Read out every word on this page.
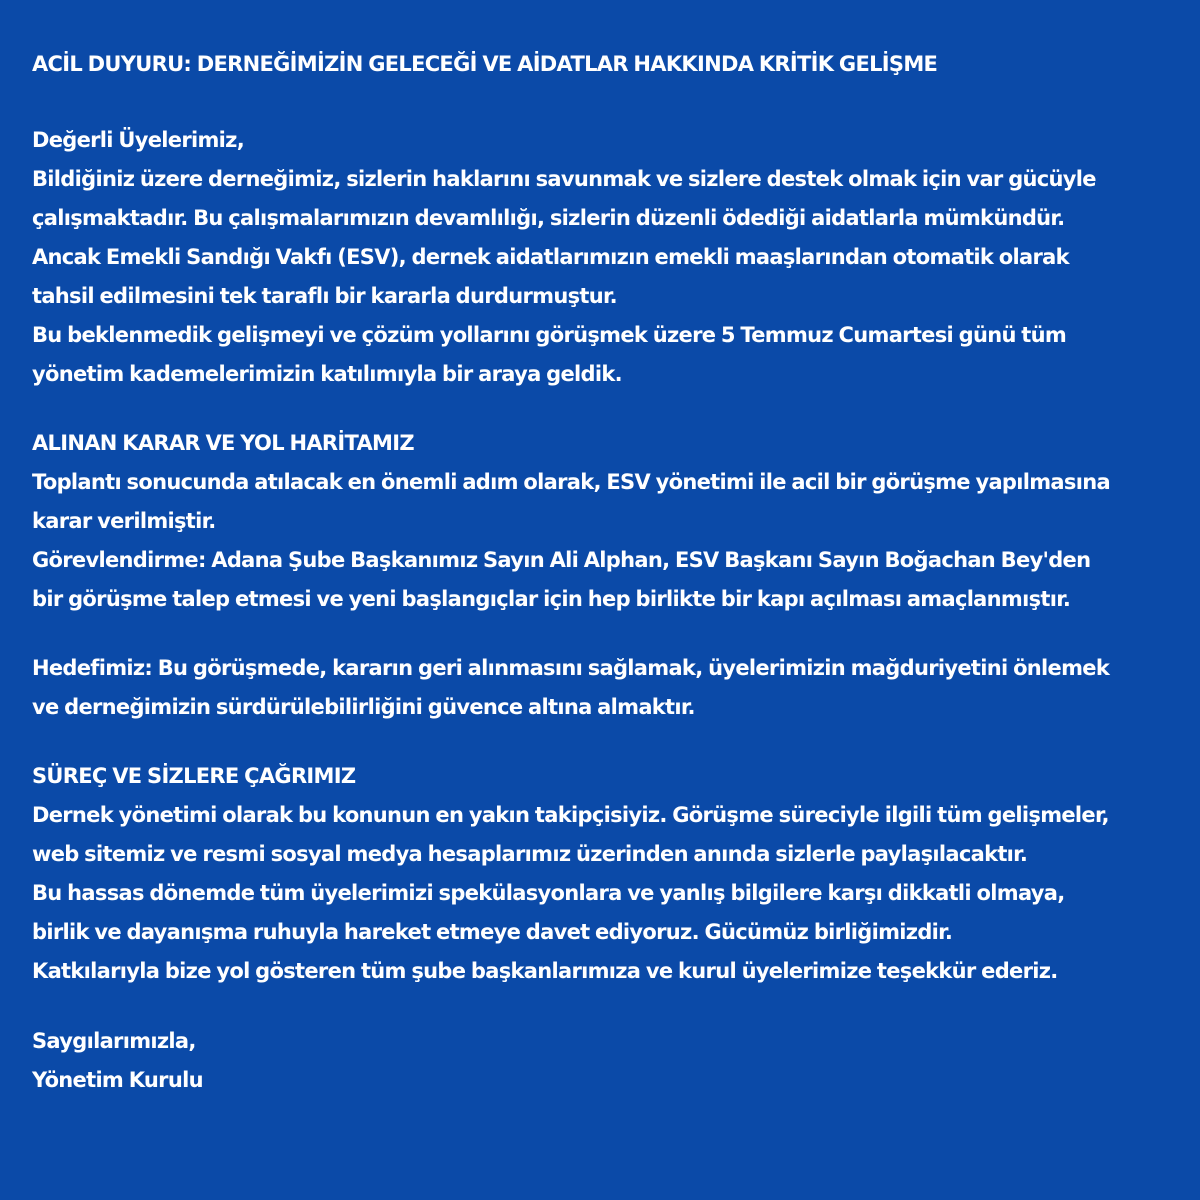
ACİL DUYURU: DERNEĞİMİZİN GELECEĞİ VE AİDATLAR HAKKINDA KRİTİK GELİŞME
Değerli Üyelerimiz,
Bildiğiniz üzere derneğimiz, sizlerin haklarını savunmak ve sizlere destek olmak için var gücüyle
çalışmaktadır. Bu çalışmalarımızın devamlılığı, sizlerin düzenli ödediği aidatlarla mümkündür.
Ancak Emekli Sandığı Vakfı (ESV), dernek aidatlarımızın emekli maaşlarından otomatik olarak
tahsil edilmesini tek taraflı bir kararla durdurmuştur.
Bu beklenmedik gelişmeyi ve çözüm yollarını görüşmek üzere 5 Temmuz Cumartesi günü tüm
yönetim kademelerimizin katılımıyla bir araya geldik.
ALINAN KARAR VE YOL HARİTAMIZ
Toplantı sonucunda atılacak en önemli adım olarak, ESV yönetimi ile acil bir görüşme yapılmasına
karar verilmiştir.
Görevlendirme: Adana Şube Başkanımız Sayın Ali Alphan, ESV Başkanı Sayın Boğachan Bey'den
bir görüşme talep etmesi ve yeni başlangıçlar için hep birlikte bir kapı açılması amaçlanmıştır.
Hedefimiz: Bu görüşmede, kararın geri alınmasını sağlamak, üyelerimizin mağduriyetini önlemek
ve derneğimizin sürdürülebilirliğini güvence altına almaktır.
SÜREÇ VE SİZLERE ÇAĞRIMIZ
Dernek yönetimi olarak bu konunun en yakın takipçisiyiz. Görüşme süreciyle ilgili tüm gelişmeler,
web sitemiz ve resmi sosyal medya hesaplarımız üzerinden anında sizlerle paylaşılacaktır.
Bu hassas dönemde tüm üyelerimizi spekülasyonlara ve yanlış bilgilere karşı dikkatli olmaya,
birlik ve dayanışma ruhuyla hareket etmeye davet ediyoruz. Gücümüz birliğimizdir.
Katkılarıyla bize yol gösteren tüm şube başkanlarımıza ve kurul üyelerimize teşekkür ederiz.
Saygılarımızla,
Yönetim Kurulu
